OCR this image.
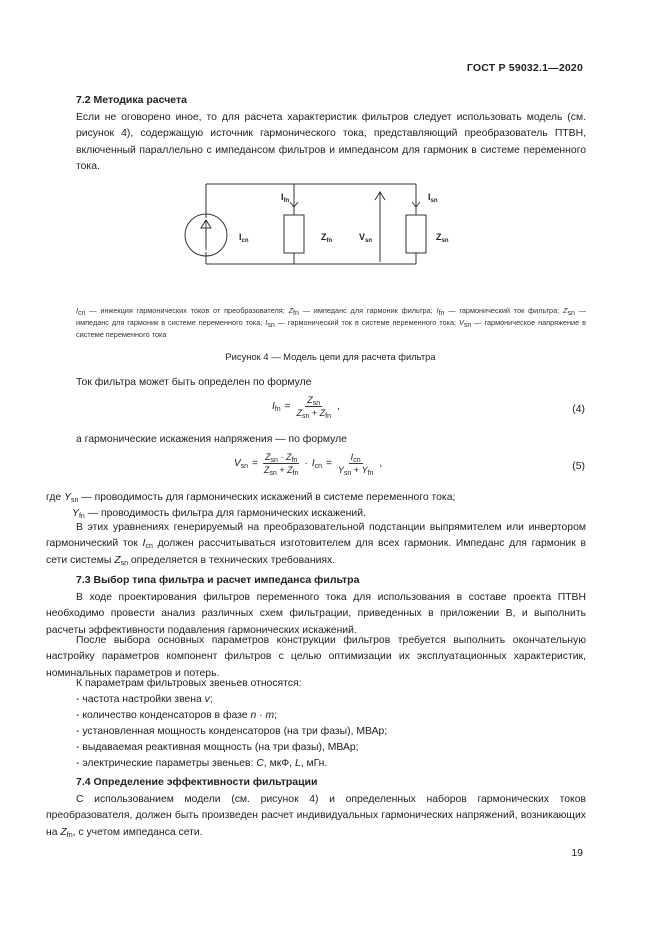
ГОСТ Р 59032.1—2020
7.2 Методика расчета
Если не оговорено иное, то для расчета характеристик фильтров следует использовать модель (см. рисунок 4), содержащую источник гармонического тока, представляющий преобразователь ПТВН, включенный параллельно с импедансом фильтров и импедансом для гармоник в системе переменного тока.
$I_{cn}$
$I_{fn}$
$Z_{fn}$	$V_{sn}$
$I_{sn}$
$Z_{sn}$
$I_{cn}$ — инжекция гармонических токов от преобразователя; $Z_{fn}$ — импеданс для гармоник фильтра; $I_{fn}$ — гармонический ток фильтра; $Z_{sn}$ — импеданс для гармоник в системе переменного тока; $I_{sn}$ — гармонический ток в системе переменного тока; $V_{sn}$ — гармоническое напряжение в системе переменного тока
Рисунок 4 — Модель цепи для расчета фильтра
Ток фильтра может быть определен по формуле
$I_{fn} = \frac{Z_{sn}}{Z_{sn} + Z_{fn}}$ ,	(4)
а гармонические искажения напряжения — по формуле
$V_{sn} = \frac{Z_{sn} \cdot Z_{fn}}{Z_{sn} + Z_{fn}} \cdot I_{cn} = \frac{I_{cn}}{Y_{sn} + Y_{fn}}$ ,	(5)
где $Y_{sn}$ — проводимость для гармонических искажений в системе переменного тока;
$Y_{fn}$ — проводимость фильтра для гармонических искажений.
В этих уравнениях генерируемый на преобразовательной подстанции выпрямителем или инвертором гармонический ток $I_{cn}$ должен рассчитываться изготовителем для всех гармоник. Импеданс для гармоник в сети системы $Z_{sn}$ определяется в технических требованиях.
7.3 Выбор типа фильтра и расчет импеданса фильтра
В ходе проектирования фильтров переменного тока для использования в составе проекта ПТВН необходимо провести анализ различных схем фильтрации, приведенных в приложении В, и выполнить расчеты эффективности подавления гармонических искажений.
После выбора основных параметров конструкции фильтров требуется выполнить окончательную настройку параметров компонент фильтров с целью оптимизации их эксплуатационных характеристик, номинальных параметров и потерь.
К параметрам фильтровых звеньев относятся:
- частота настройки звена v;
- количество конденсаторов в фазе n · m;
- установленная мощность конденсаторов (на три фазы), МВАр;
- выдаваемая реактивная мощность (на три фазы), МВАр;
- электрические параметры звеньев: C, мкФ, L, мГн.
7.4 Определение эффективности фильтрации
С использованием модели (см. рисунок 4) и определенных наборов гармонических токов преобразователя, должен быть произведен расчет индивидуальных гармонических напряжений, возникающих на $Z_{fn}$, с учетом импеданса сети.
19
